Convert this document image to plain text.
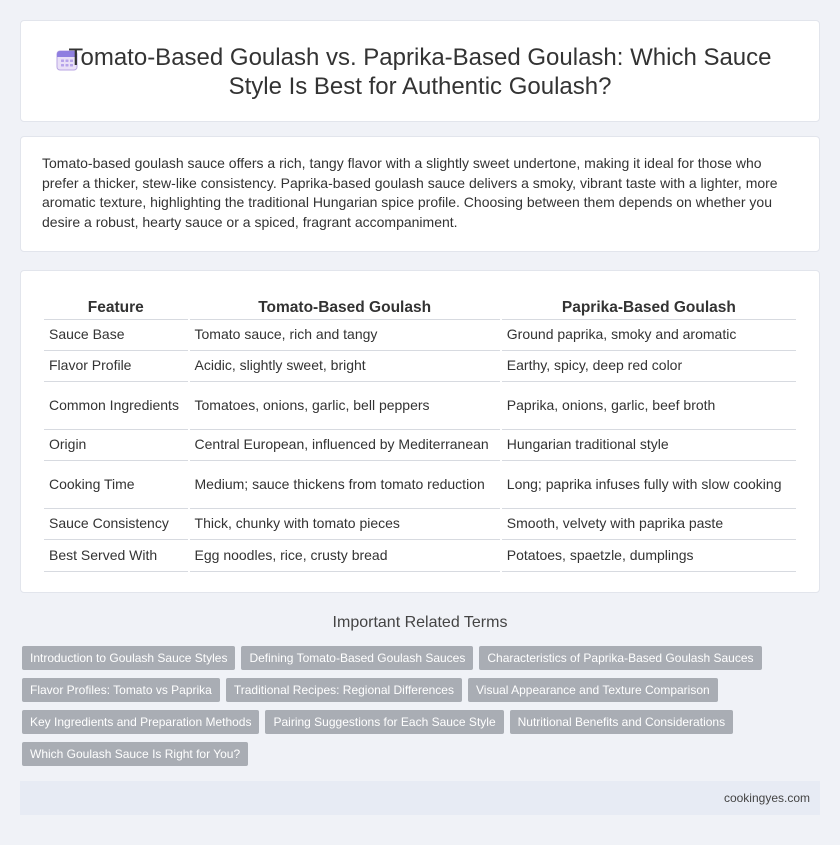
Tomato-Based Goulash vs. Paprika-Based Goulash: Which Sauce Style Is Best for Authentic Goulash?

Tomato-based goulash sauce offers a rich, tangy flavor with a slightly sweet undertone, making it ideal for those who prefer a thicker, stew-like consistency. Paprika-based goulash sauce delivers a smoky, vibrant taste with a lighter, more aromatic texture, highlighting the traditional Hungarian spice profile. Choosing between them depends on whether you desire a robust, hearty sauce or a spiced, fragrant accompaniment.

Feature	Tomato-Based Goulash	Paprika-Based Goulash
Sauce Base	Tomato sauce, rich and tangy	Ground paprika, smoky and aromatic
Flavor Profile	Acidic, slightly sweet, bright	Earthy, spicy, deep red color
Common Ingredients	Tomatoes, onions, garlic, bell peppers	Paprika, onions, garlic, beef broth
Origin	Central European, influenced by Mediterranean	Hungarian traditional style
Cooking Time	Medium; sauce thickens from tomato reduction	Long; paprika infuses fully with slow cooking
Sauce Consistency	Thick, chunky with tomato pieces	Smooth, velvety with paprika paste
Best Served With	Egg noodles, rice, crusty bread	Potatoes, spaetzle, dumplings
Important Related Terms
Introduction to Goulash Sauce Styles	Defining Tomato-Based Goulash Sauces	Characteristics of Paprika-Based Goulash Sauces
Flavor Profiles: Tomato vs Paprika	Traditional Recipes: Regional Differences	Visual Appearance and Texture Comparison
Key Ingredients and Preparation Methods	Pairing Suggestions for Each Sauce Style	Nutritional Benefits and Considerations
Which Goulash Sauce Is Right for You?
cookingyes.com
